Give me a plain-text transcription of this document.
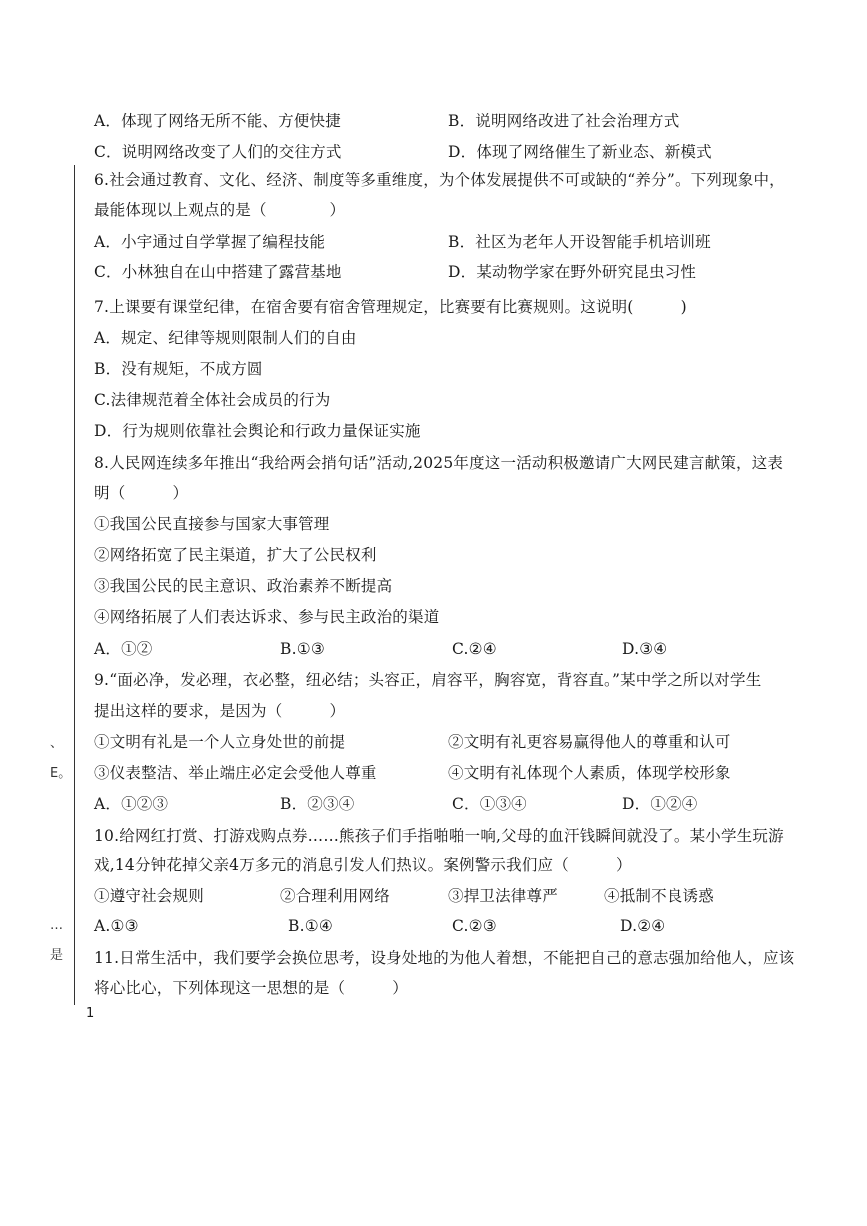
、
E。
…
是
A．体现了网络无所不能、方便快捷	B．说明网络改进了社会治理方式
C．说明网络改变了人们的交往方式	D．体现了网络催生了新业态、新模式
6.社会通过教育、文化、经济、制度等多重维度，为个体发展提供不可或缺的“养分”。下列现象中，
最能体现以上观点的是（　　　　）
A．小宇通过自学掌握了编程技能	B．社区为老年人开设智能手机培训班
C．小林独自在山中搭建了露营基地	D．某动物学家在野外研究昆虫习性
7.上课要有课堂纪律，在宿舍要有宿舍管理规定，比赛要有比赛规则。这说明(　　　)
A．规定、纪律等规则限制人们的自由
B．没有规矩，不成方圆
C.法律规范着全体社会成员的行为
D．行为规则依靠社会舆论和行政力量保证实施
8.人民网连续多年推出“我给两会捎句话”活动,2025年度这一活动积极邀请广大网民建言献策，这表
明（　　　）
①我国公民直接参与国家大事管理
②网络拓宽了民主渠道，扩大了公民权利
③我国公民的民主意识、政治素养不断提高
④网络拓展了人们表达诉求、参与民主政治的渠道
A．①②	B.①③	C.②④	D.③④
9.“面必净，发必理，衣必整，纽必结；头容正，肩容平，胸容宽，背容直。”某中学之所以对学生
提出这样的要求，是因为（　　　）
①文明有礼是一个人立身处世的前提	②文明有礼更容易赢得他人的尊重和认可
③仪表整洁、举止端庄必定会受他人尊重	④文明有礼体现个人素质，体现学校形象
A．①②③	B．②③④	C．①③④	D．①②④
10.给网红打赏、打游戏购点券……熊孩子们手指啪啪一响,父母的血汗钱瞬间就没了。某小学生玩游
戏,14分钟花掉父亲4万多元的消息引发人们热议。案例警示我们应（　　　）
①遵守社会规则	②合理利用网络	③捍卫法律尊严	④抵制不良诱惑
A.①③	B.①④	C.②③	D.②④
11.日常生活中，我们要学会换位思考，设身处地的为他人着想，不能把自己的意志强加给他人，应该
将心比心，下列体现这一思想的是（　　　）
1
